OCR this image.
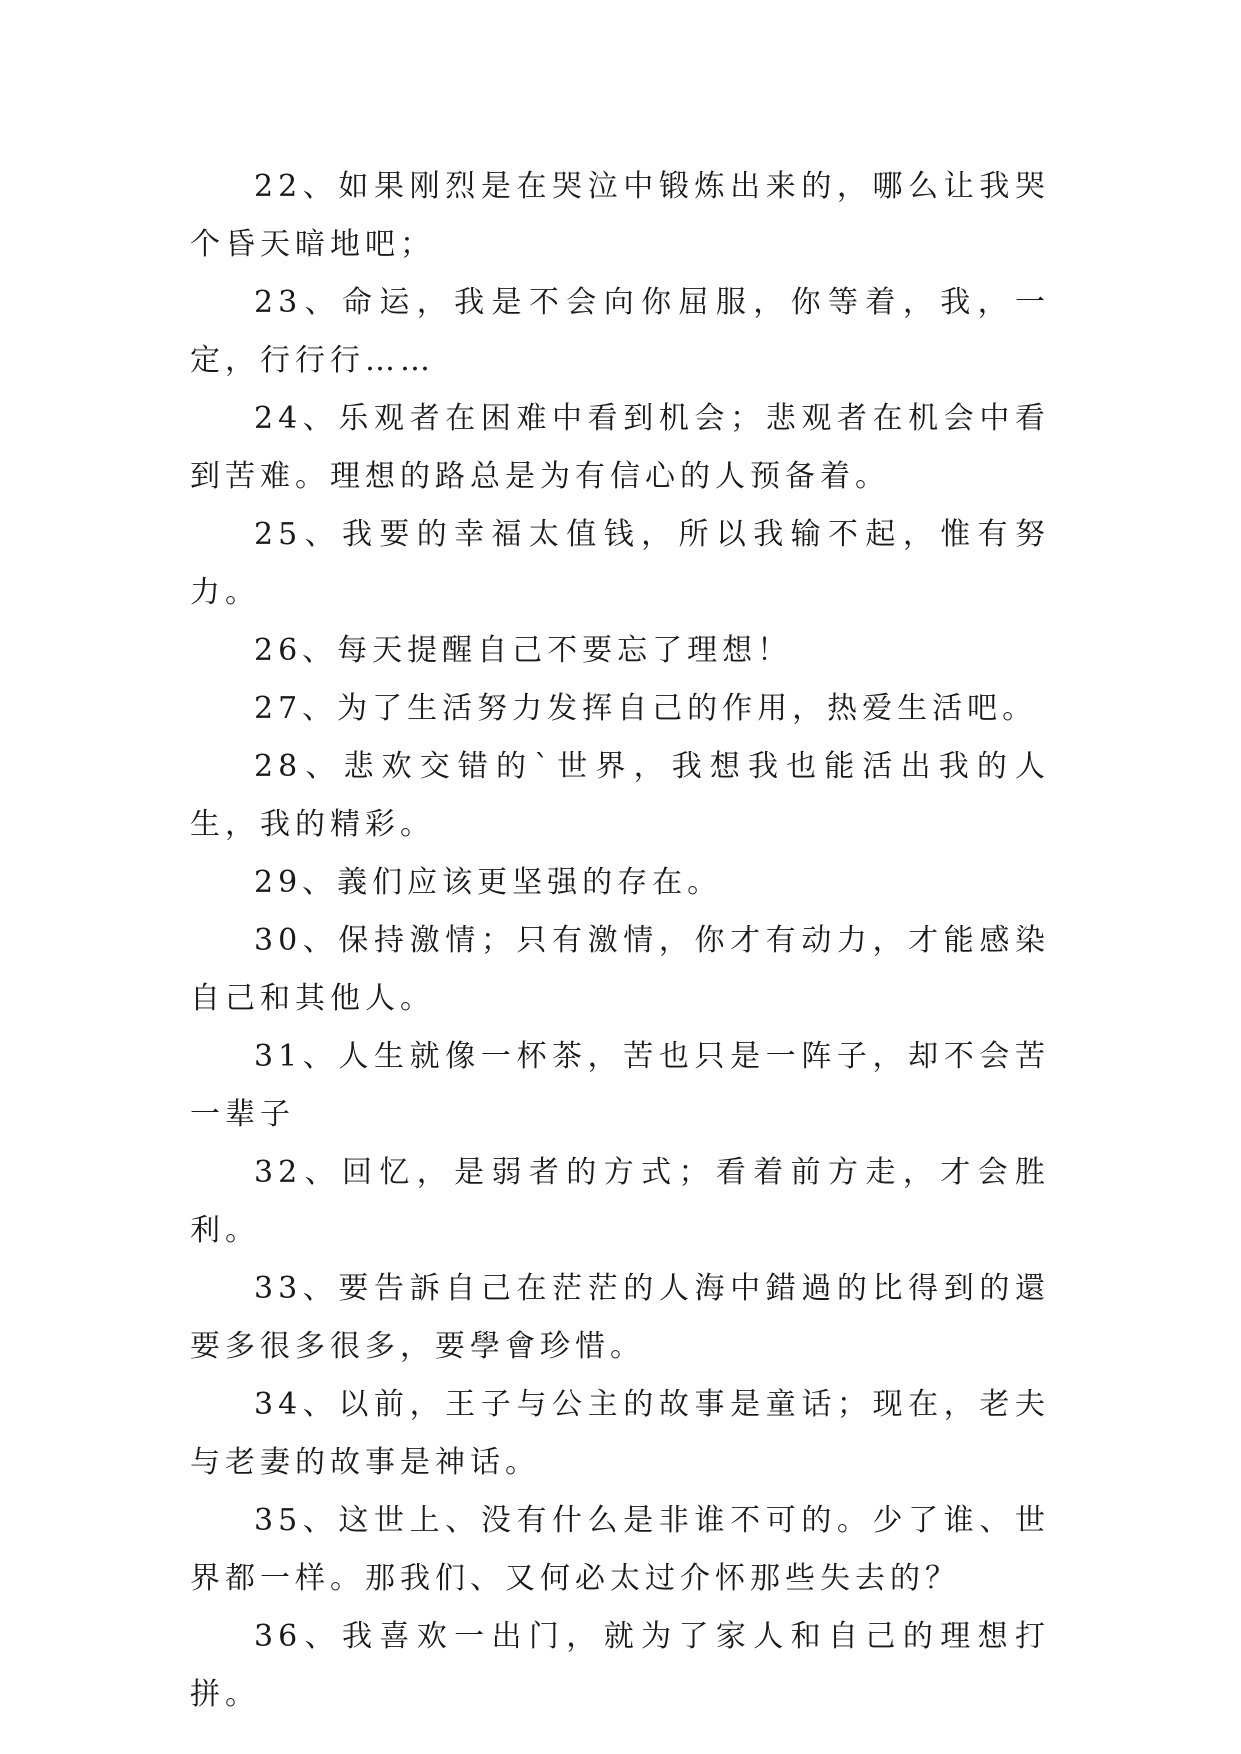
22、如果刚烈是在哭泣中锻炼出来的，哪么让我哭个昏天暗地吧；

23、命运，我是不会向你屈服，你等着，我，一定，行行行……

24、乐观者在困难中看到机会；悲观者在机会中看到苦难。理想的路总是为有信心的人预备着。

25、我要的幸福太值钱，所以我输不起，惟有努力。

26、每天提醒自己不要忘了理想！

27、为了生活努力发挥自己的作用，热爱生活吧。

28、悲欢交错的`世界，我想我也能活出我的人生，我的精彩。

29、義们应该更坚强的存在。

30、保持激情；只有激情，你才有动力，才能感染自己和其他人。

31、人生就像一杯茶，苦也只是一阵子，却不会苦一辈子

32、回忆，是弱者的方式；看着前方走，才会胜利。

33、要告訴自己在茫茫的人海中錯過的比得到的還要多很多很多，要學會珍惜。

34、以前，王子与公主的故事是童话；现在，老夫与老妻的故事是神话。

35、这世上、没有什么是非谁不可的。少了谁、世界都一样。那我们、又何必太过介怀那些失去的？

36、我喜欢一出门，就为了家人和自己的理想打拼。
